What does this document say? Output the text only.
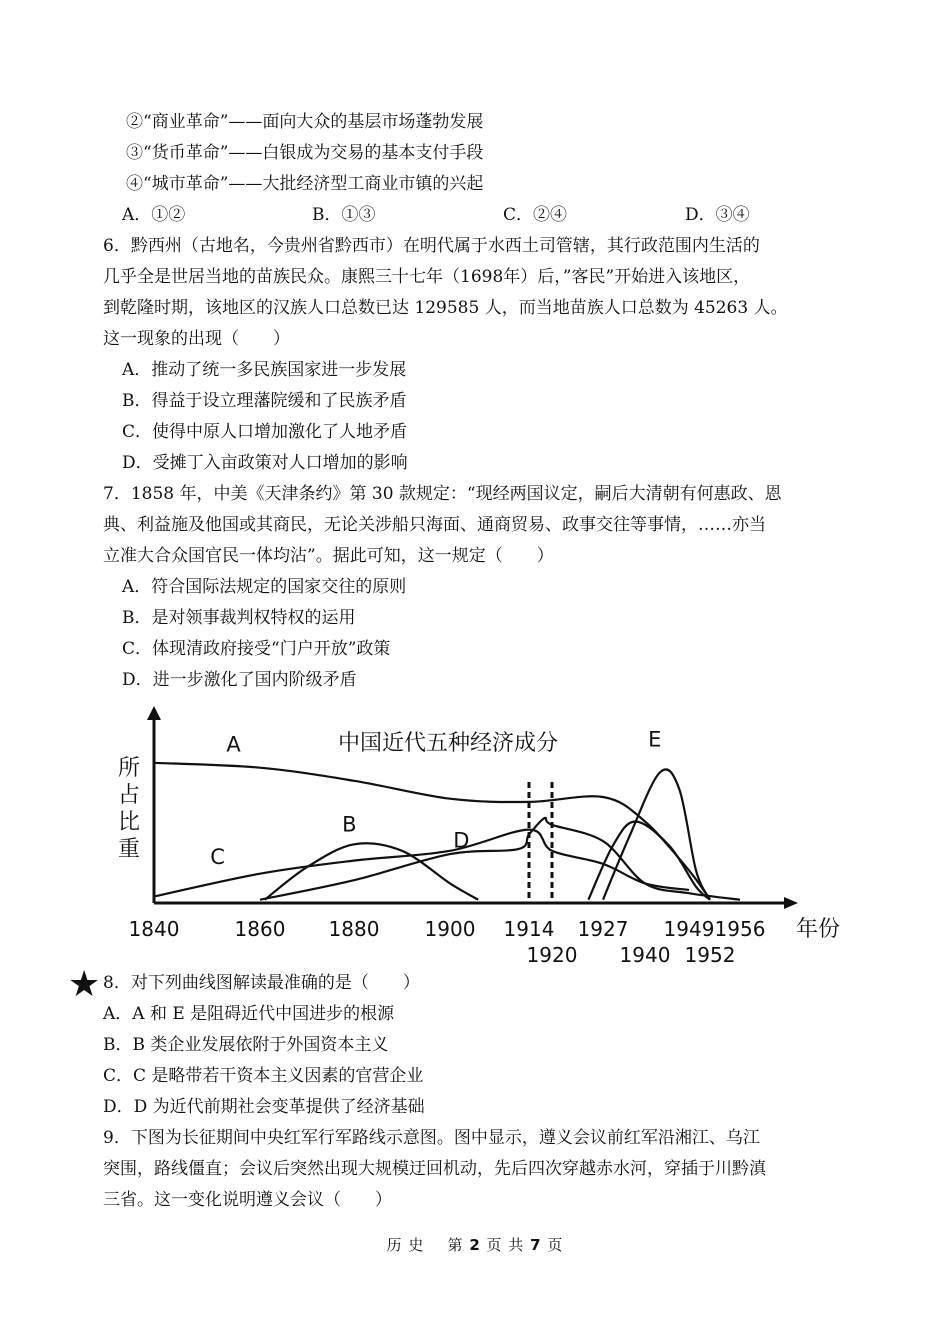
②“商业革命”——面向大众的基层市场蓬勃发展
③“货币革命”——白银成为交易的基本支付手段
④“城市革命”——大批经济型工商业市镇的兴起
A．①②	B．①③	C．②④	D．③④
6．黔西州（古地名，今贵州省黔西市）在明代属于水西土司管辖，其行政范围内生活的
几乎全是世居当地的苗族民众。康熙三十七年（1698年）后，”客民”开始进入该地区，
到乾隆时期，该地区的汉族人口总数已达 129585 人，而当地苗族人口总数为 45263 人。
这一现象的出现（　　）
A．推动了统一多民族国家进一步发展
B．得益于设立理藩院缓和了民族矛盾
C．使得中原人口增加激化了人地矛盾
D．受摊丁入亩政策对人口增加的影响
7．1858 年，中美《天津条约》第 30 款规定：“现经两国议定，嗣后大清朝有何惠政、恩
典、利益施及他国或其商民，无论关涉船只海面、通商贸易、政事交往等事情，……亦当
立准大合众国官民一体均沾”。据此可知，这一规定（　　）
A．符合国际法规定的国家交往的原则
B．是对领事裁判权特权的运用
C．体现清政府接受“门户开放”政策
D．进一步激化了国内阶级矛盾
中国近代五种经济成分
所
占
比
重
A
B
C
D
E
1840	1860 1880 1900 1914 1927 1949 1956
1920 1940 1952
年份
★ 8．对下列曲线图解读最准确的是（　　）
A．A 和 E 是阻碍近代中国进步的根源
B．B 类企业发展依附于外国资本主义
C．C 是略带若干资本主义因素的官营企业
D．D 为近代前期社会变革提供了经济基础
9．下图为长征期间中央红军行军路线示意图。图中显示，遵义会议前红军沿湘江、乌江
突围，路线僵直；会议后突然出现大规模迂回机动，先后四次穿越赤水河，穿插于川黔滇
三省。这一变化说明遵义会议（　　）
历 史 第 2 页 共 7 页
